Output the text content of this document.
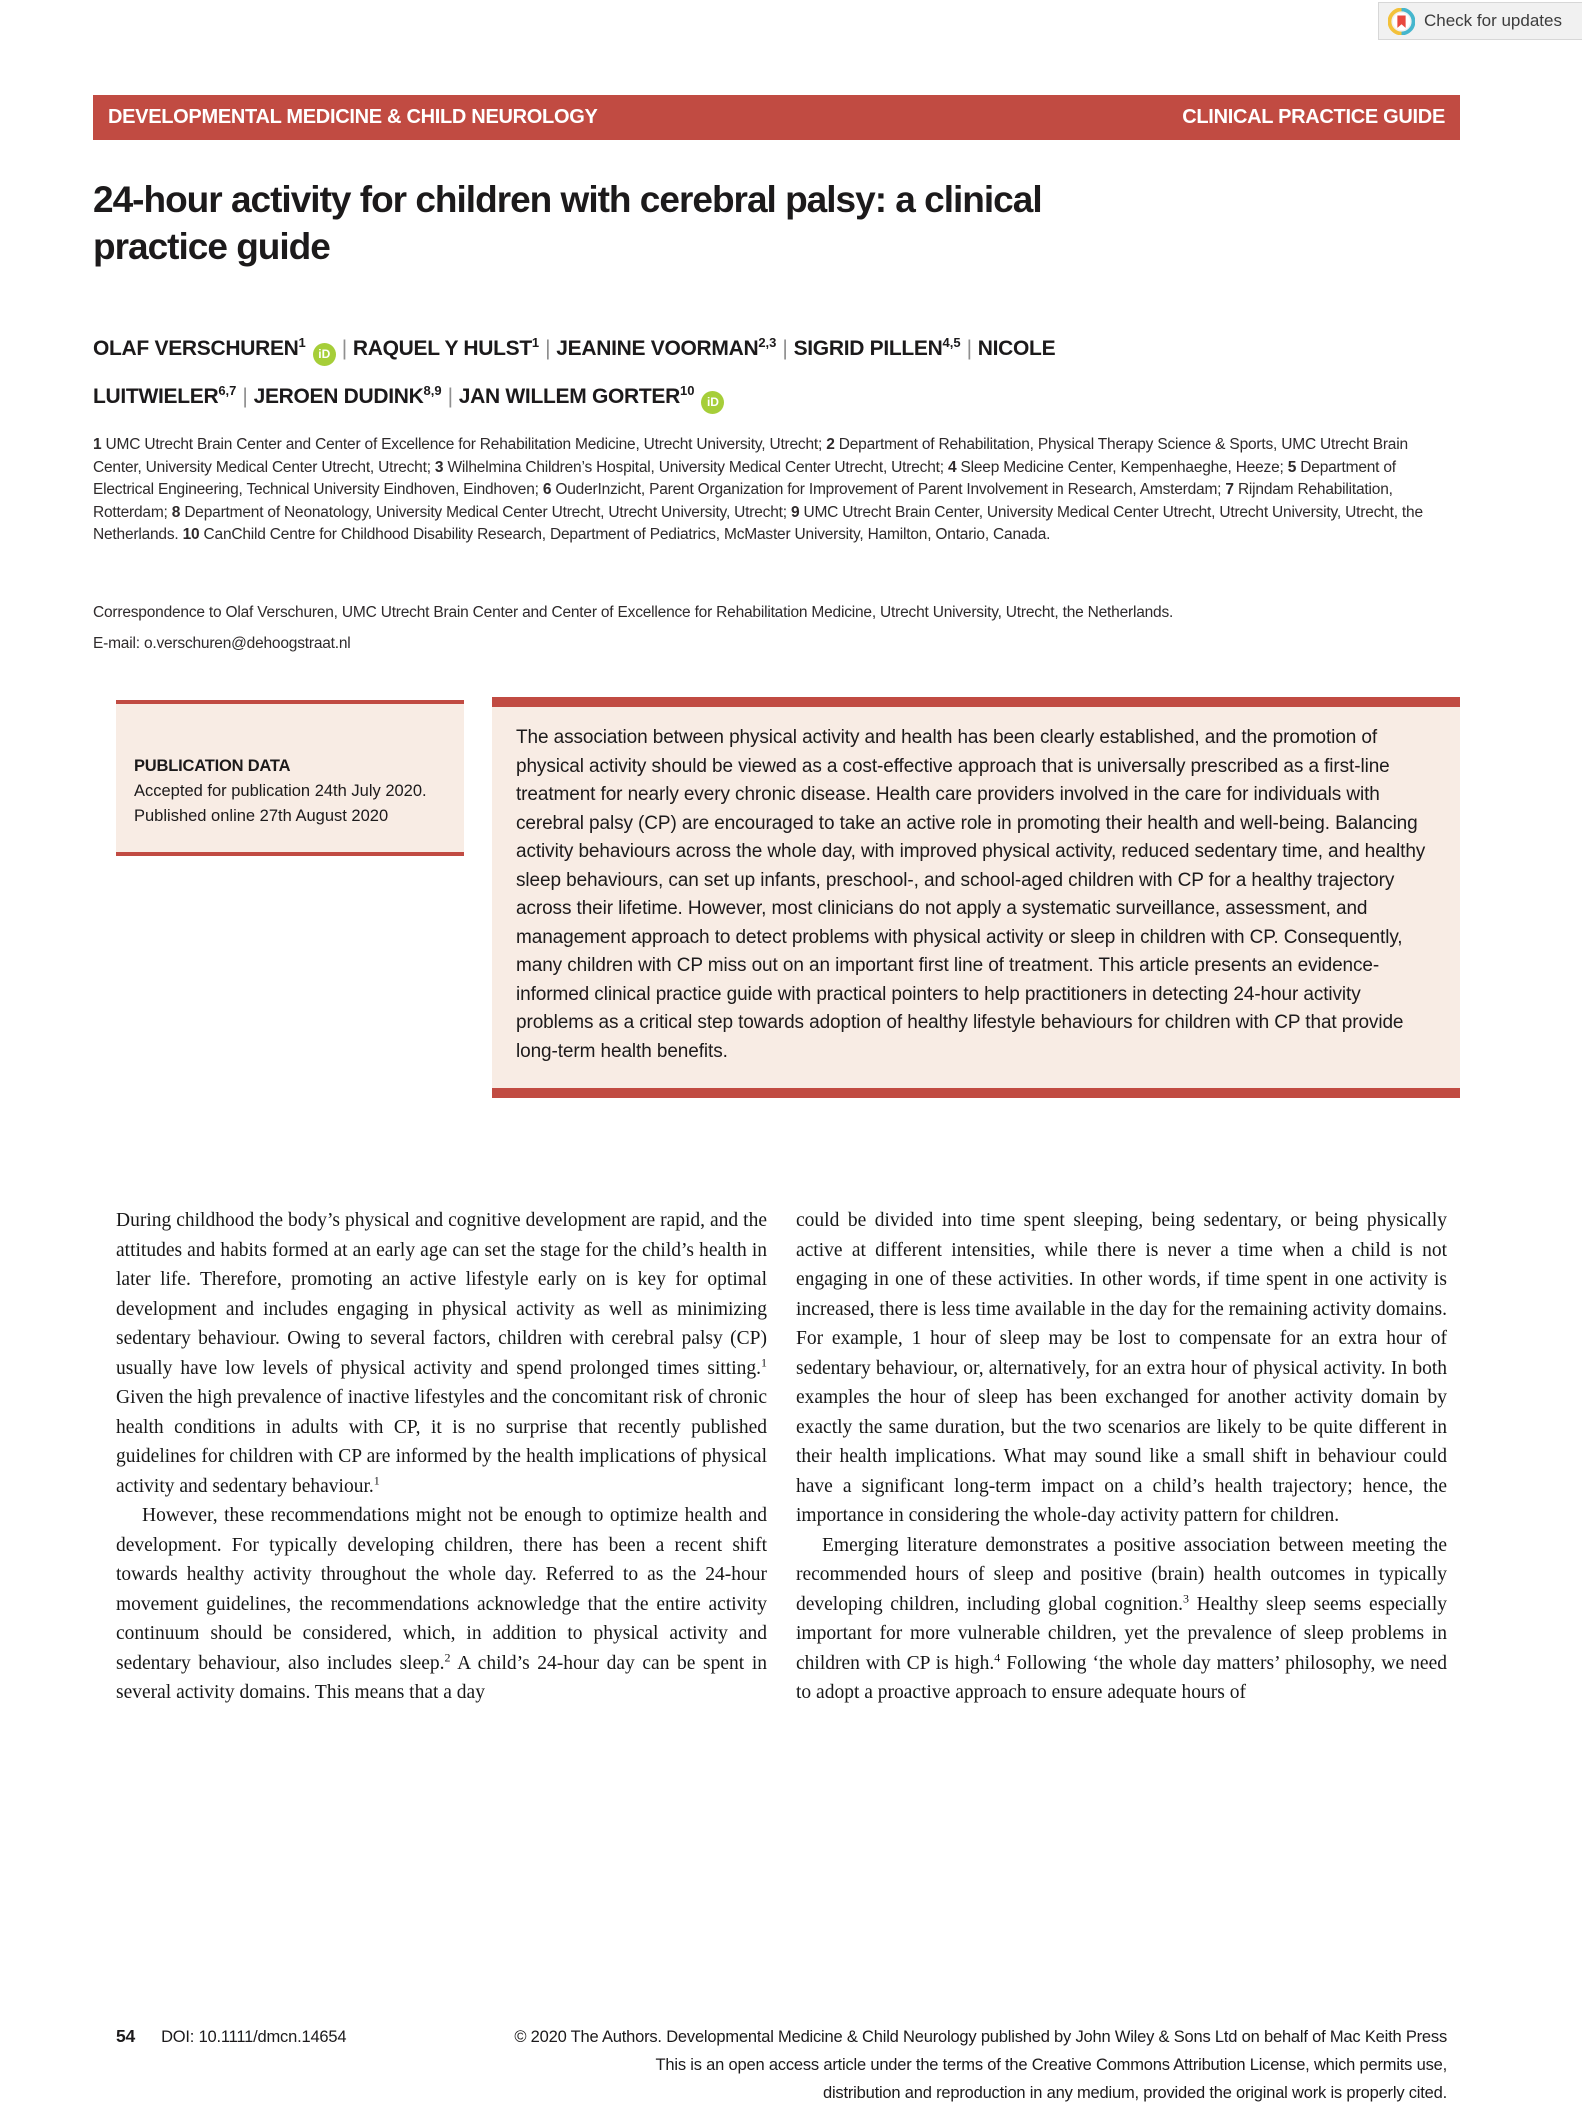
Check for updates
DEVELOPMENTAL MEDICINE & CHILD NEUROLOGY	CLINICAL PRACTICE GUIDE
24-hour activity for children with cerebral palsy: a clinical
practice guide
OLAF VERSCHUREN$^1$iD | RAQUEL Y HULST$^1$ | JEANINE VOORMAN$^{2,3}$ | SIGRID PILLEN$^{4,5}$ | NICOLE LUITWIELER$^{6,7}$ | JEROEN DUDINK$^{8,9}$ | JAN WILLEM GORTER$^{10}$iD
1 UMC Utrecht Brain Center and Center of Excellence for Rehabilitation Medicine, Utrecht University, Utrecht; 2 Department of Rehabilitation, Physical Therapy Science & Sports, UMC Utrecht Brain Center, University Medical Center Utrecht, Utrecht; 3 Wilhelmina Children’s Hospital, University Medical Center Utrecht, Utrecht; 4 Sleep Medicine Center, Kempenhaeghe, Heeze; 5 Department of Electrical Engineering, Technical University Eindhoven, Eindhoven; 6 OuderInzicht, Parent Organization for Improvement of Parent Involvement in Research, Amsterdam; 7 Rijndam Rehabilitation, Rotterdam; 8 Department of Neonatology, University Medical Center Utrecht, Utrecht University, Utrecht; 9 UMC Utrecht Brain Center, University Medical Center Utrecht, Utrecht University, Utrecht, the Netherlands. 10 CanChild Centre for Childhood Disability Research, Department of Pediatrics, McMaster University, Hamilton, Ontario, Canada.
Correspondence to Olaf Verschuren, UMC Utrecht Brain Center and Center of Excellence for Rehabilitation Medicine, Utrecht University, Utrecht, the Netherlands.
E-mail: o.verschuren@dehoogstraat.nl
PUBLICATION DATA
Accepted for publication 24th July 2020.
Published online 27th August 2020

The association between physical activity and health has been clearly established, and the promotion of physical activity should be viewed as a cost-effective approach that is universally prescribed as a first-line treatment for nearly every chronic disease. Health care providers involved in the care for individuals with cerebral palsy (CP) are encouraged to take an active role in promoting their health and well-being. Balancing activity behaviours across the whole day, with improved physical activity, reduced sedentary time, and healthy sleep behaviours, can set up infants, preschool-, and school-aged children with CP for a healthy trajectory across their lifetime. However, most clinicians do not apply a systematic surveillance, assessment, and management approach to detect problems with physical activity or sleep in children with CP. Consequently, many children with CP miss out on an important first line of treatment. This article presents an evidence-informed clinical practice guide with practical pointers to help practitioners in detecting 24-hour activity problems as a critical step towards adoption of healthy lifestyle behaviours for children with CP that provide long-term health benefits.

During childhood the body’s physical and cognitive development are rapid, and the attitudes and habits formed at an early age can set the stage for the child’s health in later life. Therefore, promoting an active lifestyle early on is key for optimal development and includes engaging in physical activity as well as minimizing sedentary behaviour. Owing to several factors, children with cerebral palsy (CP) usually have low levels of physical activity and spend prolonged times sitting.$^1$ Given the high prevalence of inactive lifestyles and the concomitant risk of chronic health conditions in adults with CP, it is no surprise that recently published guidelines for children with CP are informed by the health implications of physical activity and sedentary behaviour.$^1$

However, these recommendations might not be enough to optimize health and development. For typically developing children, there has been a recent shift towards healthy activity throughout the whole day. Referred to as the 24-hour movement guidelines, the recommendations acknowledge that the entire activity continuum should be considered, which, in addition to physical activity and sedentary behaviour, also includes sleep.$^2$ A child’s 24-hour day can be spent in several activity domains. This means that a day

could be divided into time spent sleeping, being sedentary, or being physically active at different intensities, while there is never a time when a child is not engaging in one of these activities. In other words, if time spent in one activity is increased, there is less time available in the day for the remaining activity domains. For example, 1 hour of sleep may be lost to compensate for an extra hour of sedentary behaviour, or, alternatively, for an extra hour of physical activity. In both examples the hour of sleep has been exchanged for another activity domain by exactly the same duration, but the two scenarios are likely to be quite different in their health implications. What may sound like a small shift in behaviour could have a significant long-term impact on a child’s health trajectory; hence, the importance in considering the whole-day activity pattern for children.

Emerging literature demonstrates a positive association between meeting the recommended hours of sleep and positive (brain) health outcomes in typically developing children, including global cognition.$^3$ Healthy sleep seems especially important for more vulnerable children, yet the prevalence of sleep problems in children with CP is high.$^4$ Following ‘the whole day matters’ philosophy, we need to adopt a proactive approach to ensure adequate hours of

54 DOI: 10.1111/dmcn.14654	© 2020 The Authors. Developmental Medicine & Child Neurology published by John Wiley & Sons Ltd on behalf of Mac Keith Press
This is an open access article under the terms of the Creative Commons Attribution License, which permits use,
distribution and reproduction in any medium, provided the original work is properly cited.
